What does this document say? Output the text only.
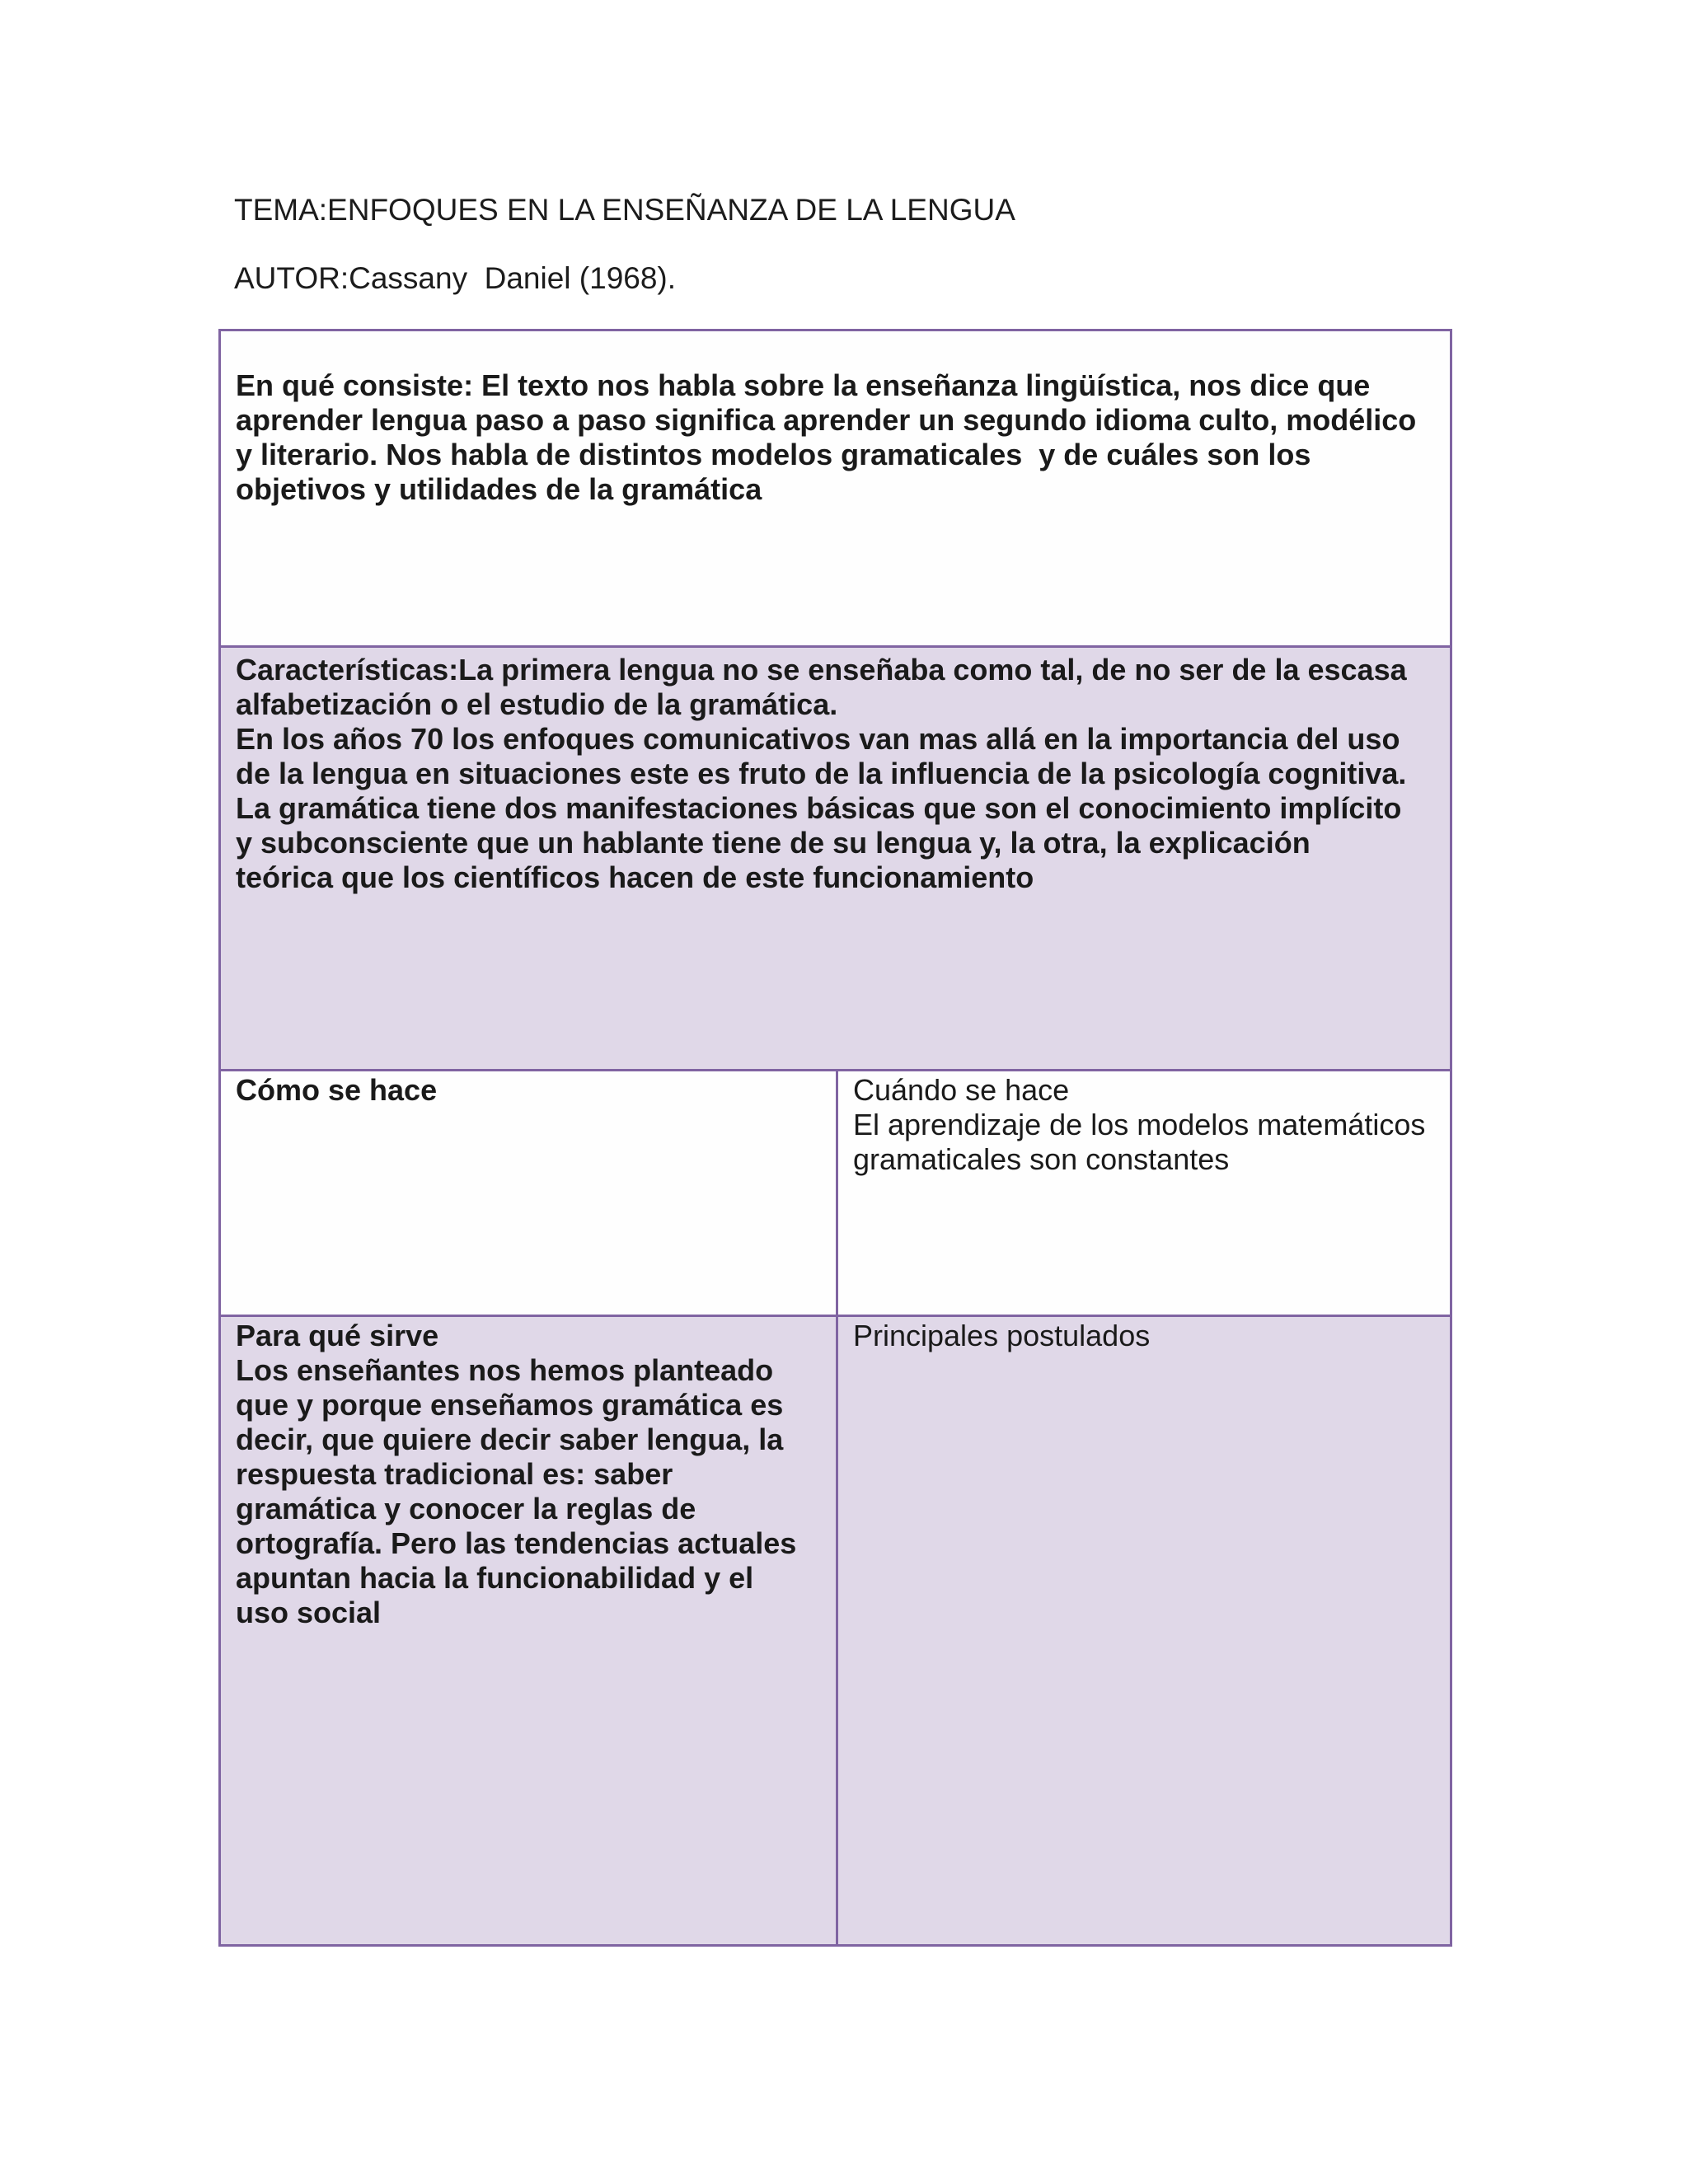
TEMA:ENFOQUES EN LA ENSEÑANZA DE LA LENGUA
AUTOR:Cassany  Daniel (1968).
En qué consiste: El texto nos habla sobre la enseñanza lingüística, nos dice que
aprender lengua paso a paso significa aprender un segundo idioma culto, modélico
y literario. Nos habla de distintos modelos gramaticales  y de cuáles son los
objetivos y utilidades de la gramática
Características:La primera lengua no se enseñaba como tal, de no ser de la escasa
alfabetización o el estudio de la gramática.
En los años 70 los enfoques comunicativos van mas allá en la importancia del uso
de la lengua en situaciones este es fruto de la influencia de la psicología cognitiva.
La gramática tiene dos manifestaciones básicas que son el conocimiento implícito
y subconsciente que un hablante tiene de su lengua y, la otra, la explicación
teórica que los científicos hacen de este funcionamiento
Cómo se hace	Cuándo se hace
El aprendizaje de los modelos matemáticos
gramaticales son constantes
Para qué sirve
Los enseñantes nos hemos planteado
que y porque enseñamos gramática es
decir, que quiere decir saber lengua, la
respuesta tradicional es: saber
gramática y conocer la reglas de
ortografía. Pero las tendencias actuales
apuntan hacia la funcionabilidad y el
uso social
Principales postulados
